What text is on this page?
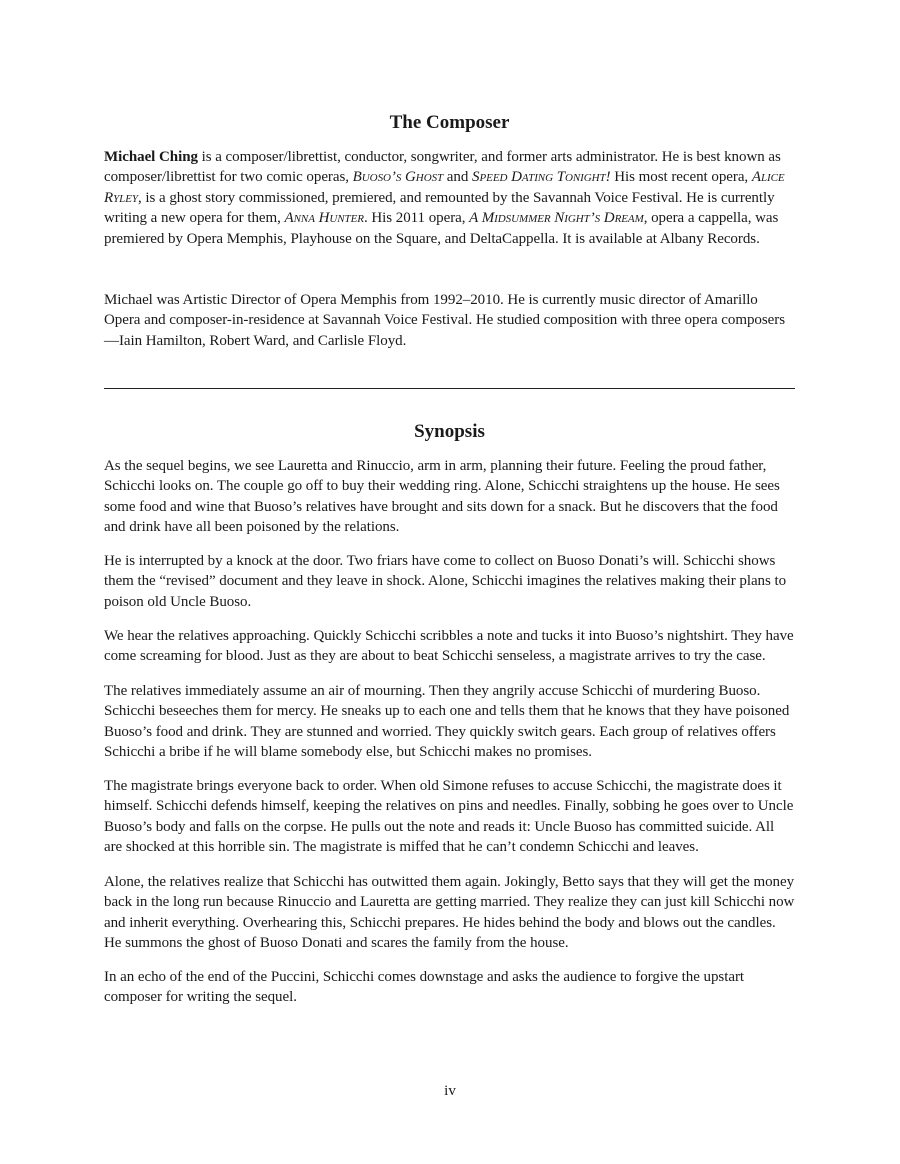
The Composer

Michael Ching is a composer/librettist, conductor, songwriter, and former arts administrator. He is best known as composer/librettist for two comic operas, Buoso’s Ghost and Speed Dating Tonight! His most recent opera, Alice Ryley, is a ghost story commissioned, premiered, and remounted by the Savannah Voice Festival. He is currently writing a new opera for them, Anna Hunter. His 2011 opera, A Midsummer Night’s Dream, opera a cappella, was premiered by Opera Memphis, Playhouse on the Square, and DeltaCappella. It is available at Albany Records.

Michael was Artistic Director of Opera Memphis from 1992–2010. He is currently music director of Amarillo Opera and composer-in-residence at Savannah Voice Festival. He studied composition with three opera composers—Iain Hamilton, Robert Ward, and Carlisle Floyd.

Synopsis

As the sequel begins, we see Lauretta and Rinuccio, arm in arm, planning their future. Feeling the proud father, Schicchi looks on. The couple go off to buy their wedding ring. Alone, Schicchi straightens up the house. He sees some food and wine that Buoso’s relatives have brought and sits down for a snack. But he discovers that the food and drink have all been poisoned by the relations.

He is interrupted by a knock at the door. Two friars have come to collect on Buoso Donati’s will. Schicchi shows them the “revised” document and they leave in shock. Alone, Schicchi imagines the relatives making their plans to poison old Uncle Buoso.

We hear the relatives approaching. Quickly Schicchi scribbles a note and tucks it into Buoso’s nightshirt. They have come screaming for blood. Just as they are about to beat Schicchi senseless, a magistrate arrives to try the case.

The relatives immediately assume an air of mourning. Then they angrily accuse Schicchi of murdering Buoso. Schicchi beseeches them for mercy. He sneaks up to each one and tells them that he knows that they have poisoned Buoso’s food and drink. They are stunned and worried. They quickly switch gears. Each group of relatives offers Schicchi a bribe if he will blame somebody else, but Schicchi makes no promises.

The magistrate brings everyone back to order. When old Simone refuses to accuse Schicchi, the magistrate does it himself. Schicchi defends himself, keeping the relatives on pins and needles. Finally, sobbing he goes over to Uncle Buoso’s body and falls on the corpse. He pulls out the note and reads it: Uncle Buoso has committed suicide. All are shocked at this horrible sin. The magistrate is miffed that he can’t condemn Schicchi and leaves.

Alone, the relatives realize that Schicchi has outwitted them again. Jokingly, Betto says that they will get the money back in the long run because Rinuccio and Lauretta are getting married. They realize they can just kill Schicchi now and inherit everything. Overhearing this, Schicchi prepares. He hides behind the body and blows out the candles. He summons the ghost of Buoso Donati and scares the family from the house.

In an echo of the end of the Puccini, Schicchi comes downstage and asks the audience to forgive the upstart composer for writing the sequel.

iv
